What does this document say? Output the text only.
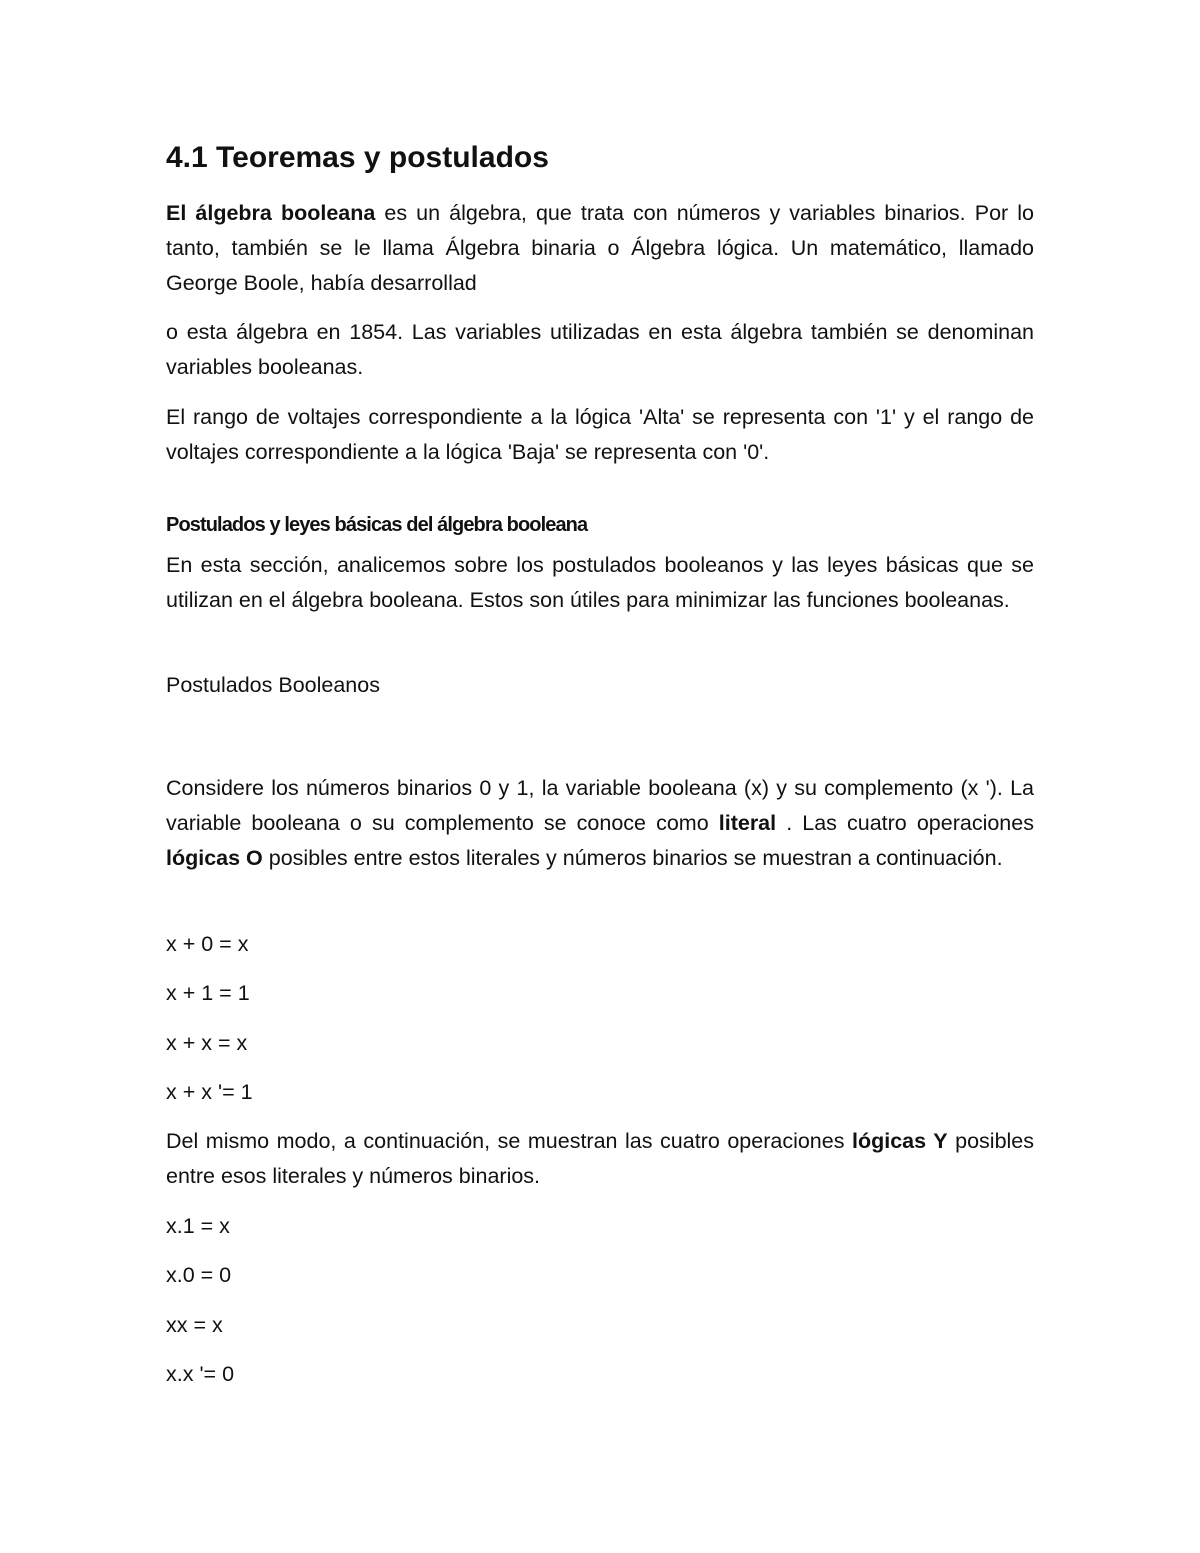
4.1 Teoremas y postulados

El álgebra booleana es un álgebra, que trata con números y variables binarios. Por lo tanto, también se le llama Álgebra binaria o Álgebra lógica. Un matemático, llamado George Boole, había desarrollad

o esta álgebra en 1854. Las variables utilizadas en esta álgebra también se denominan variables booleanas.

El rango de voltajes correspondiente a la lógica 'Alta' se representa con '1' y el rango de voltajes correspondiente a la lógica 'Baja' se representa con '0'.

Postulados y leyes básicas del álgebra booleana

En esta sección, analicemos sobre los postulados booleanos y las leyes básicas que se utilizan en el álgebra booleana. Estos son útiles para minimizar las funciones booleanas.

Postulados Booleanos

Considere los números binarios 0 y 1, la variable booleana (x) y su complemento (x '). La variable booleana o su complemento se conoce como literal . Las cuatro operaciones lógicas O posibles entre estos literales y números binarios se muestran a continuación.

x + 0 = x

x + 1 = 1

x + x = x

x + x '= 1

Del mismo modo, a continuación, se muestran las cuatro operaciones lógicas Y posibles entre esos literales y números binarios.

x.1 = x

x.0 = 0

xx = x

x.x '= 0
